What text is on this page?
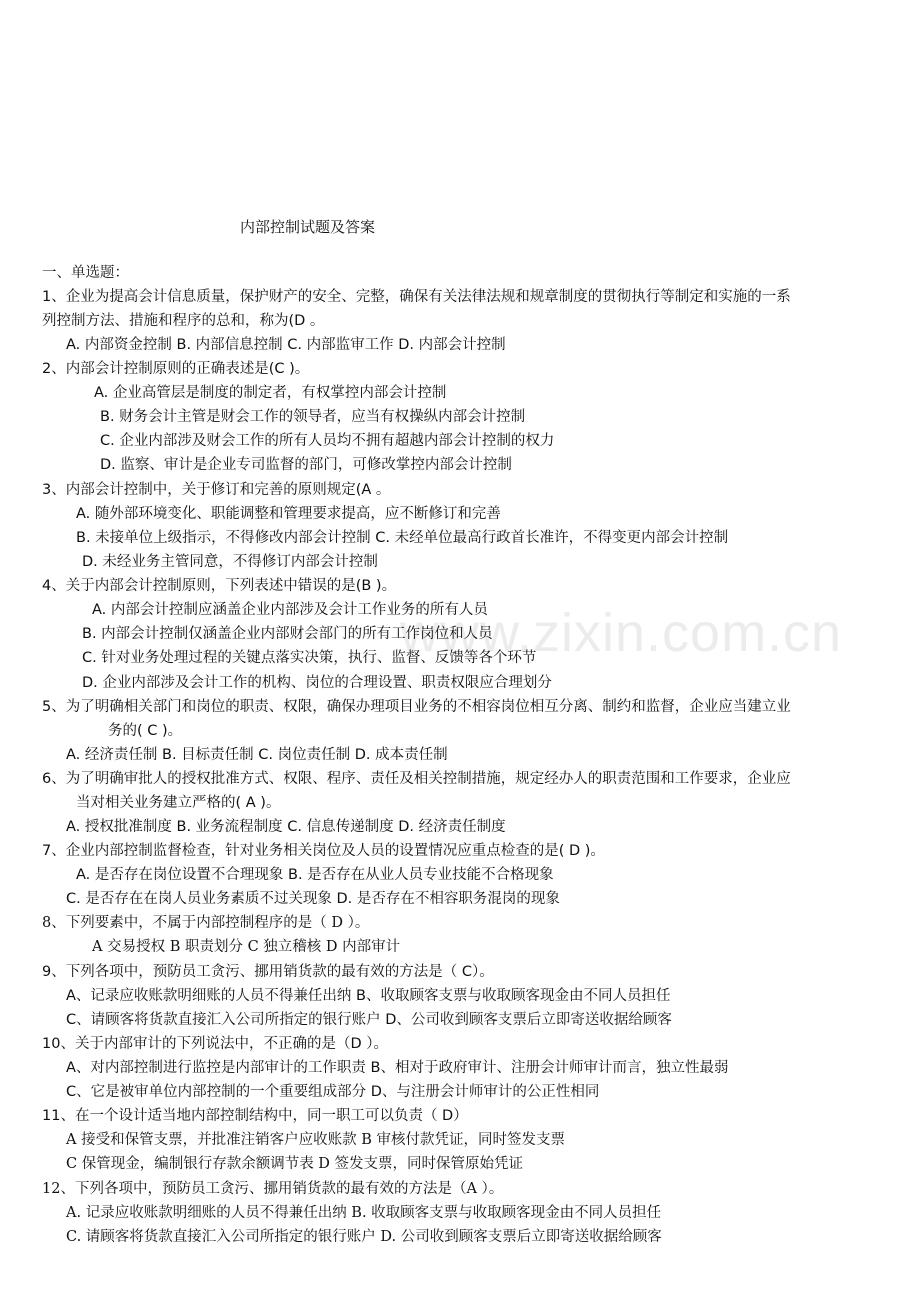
www.zixin.com.cn
内部控制试题及答案
一、单选题：
1、企业为提高会计信息质量，保护财产的安全、完整，确保有关法律法规和规章制度的贯彻执行等制定和实施的一系
列控制方法、措施和程序的总和，称为(D 。
A. 内部资金控制 B. 内部信息控制 C. 内部监审工作 D. 内部会计控制
2、内部会计控制原则的正确表述是(C )。
A. 企业高管层是制度的制定者，有权掌控内部会计控制
B. 财务会计主管是财会工作的领导者，应当有权操纵内部会计控制
C. 企业内部涉及财会工作的所有人员均不拥有超越内部会计控制的权力
D. 监察、审计是企业专司监督的部门，可修改掌控内部会计控制
3、内部会计控制中，关于修订和完善的原则规定(A 。
A. 随外部环境变化、职能调整和管理要求提高，应不断修订和完善
B. 未接单位上级指示，不得修改内部会计控制 C. 未经单位最高行政首长准许，不得变更内部会计控制
D. 未经业务主管同意，不得修订内部会计控制
4、关于内部会计控制原则，下列表述中错误的是(B )。
A. 内部会计控制应涵盖企业内部涉及会计工作业务的所有人员
B. 内部会计控制仅涵盖企业内部财会部门的所有工作岗位和人员
C. 针对业务处理过程的关键点落实决策，执行、监督、反馈等各个环节
D. 企业内部涉及会计工作的机构、岗位的合理设置、职责权限应合理划分
5、为了明确相关部门和岗位的职责、权限，确保办理项目业务的不相容岗位相互分离、制约和监督，企业应当建立业
务的( C )。
A. 经济责任制 B. 目标责任制 C. 岗位责任制 D. 成本责任制
6、为了明确审批人的授权批准方式、权限、程序、责任及相关控制措施，规定经办人的职责范围和工作要求，企业应
当对相关业务建立严格的( A )。
A. 授权批准制度 B. 业务流程制度 C. 信息传递制度 D. 经济责任制度
7、企业内部控制监督检查，针对业务相关岗位及人员的设置情况应重点检查的是( D )。
A. 是否存在岗位设置不合理现象 B. 是否存在从业人员专业技能不合格现象
C. 是否存在在岗人员业务素质不过关现象 D. 是否存在不相容职务混岗的现象
8、下列要素中，不属于内部控制程序的是（ D ）。
A 交易授权 B 职责划分 C 独立稽核 D 内部审计
9、下列各项中，预防员工贪污、挪用销货款的最有效的方法是（ C）。
A、记录应收账款明细账的人员不得兼任出纳 B、收取顾客支票与收取顾客现金由不同人员担任
C、请顾客将货款直接汇入公司所指定的银行账户 D、公司收到顾客支票后立即寄送收据给顾客
10、关于内部审计的下列说法中，不正确的是（D ）。
A、对内部控制进行监控是内部审计的工作职责 B、相对于政府审计、注册会计师审计而言，独立性最弱
C、它是被审单位内部控制的一个重要组成部分 D、与注册会计师审计的公正性相同
11、在一个设计适当地内部控制结构中，同一职工可以负责（ D）
A 接受和保管支票，并批准注销客户应收账款 B 审核付款凭证，同时签发支票
C 保管现金，编制银行存款余额调节表 D 签发支票，同时保管原始凭证
12、下列各项中，预防员工贪污、挪用销货款的最有效的方法是（A ）。
A. 记录应收账款明细账的人员不得兼任出纳 B. 收取顾客支票与收取顾客现金由不同人员担任
C. 请顾客将货款直接汇入公司所指定的银行账户 D. 公司收到顾客支票后立即寄送收据给顾客
